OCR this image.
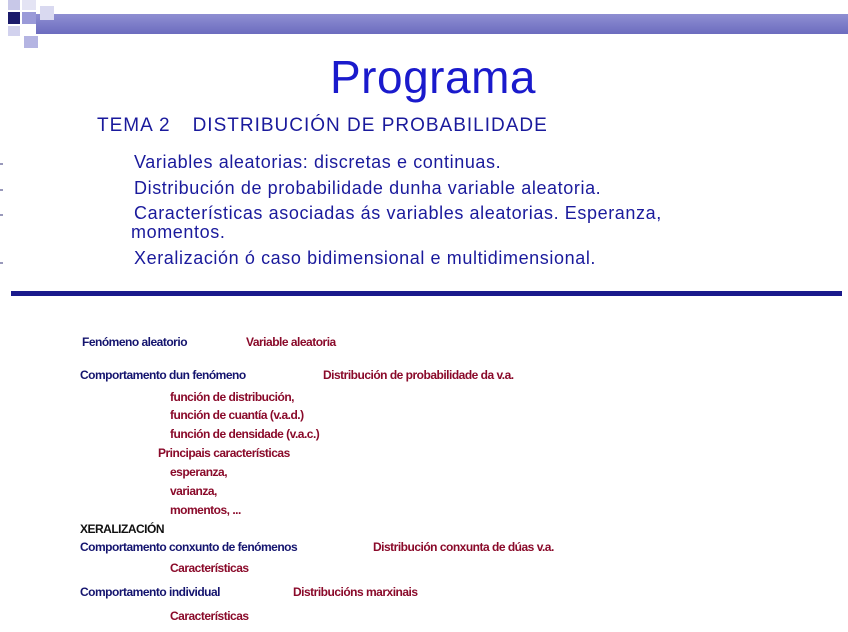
Programa
TEMA 2 DISTRIBUCIÓN DE PROBABILIDADE
Variables aleatorias: discretas e continuas.
Distribución de probabilidade dunha variable aleatoria.
Características asociadas ás variables aleatorias. Esperanza, momentos.
Xeralización ó caso bidimensional e multidimensional.
Fenómeno aleatorio	Variable aleatoria
Comportamento dun fenómeno	Distribución de probabilidade da v.a.
función de distribución,
función de cuantía (v.a.d.)
función de densidade (v.a.c.)
Principais características
esperanza,
varianza,
momentos, ...
XERALIZACIÓN
Comportamento conxunto de fenómenos	Distribución conxunta de dúas v.a.
Características
Comportamento individual	Distribucións marxinais
Características
